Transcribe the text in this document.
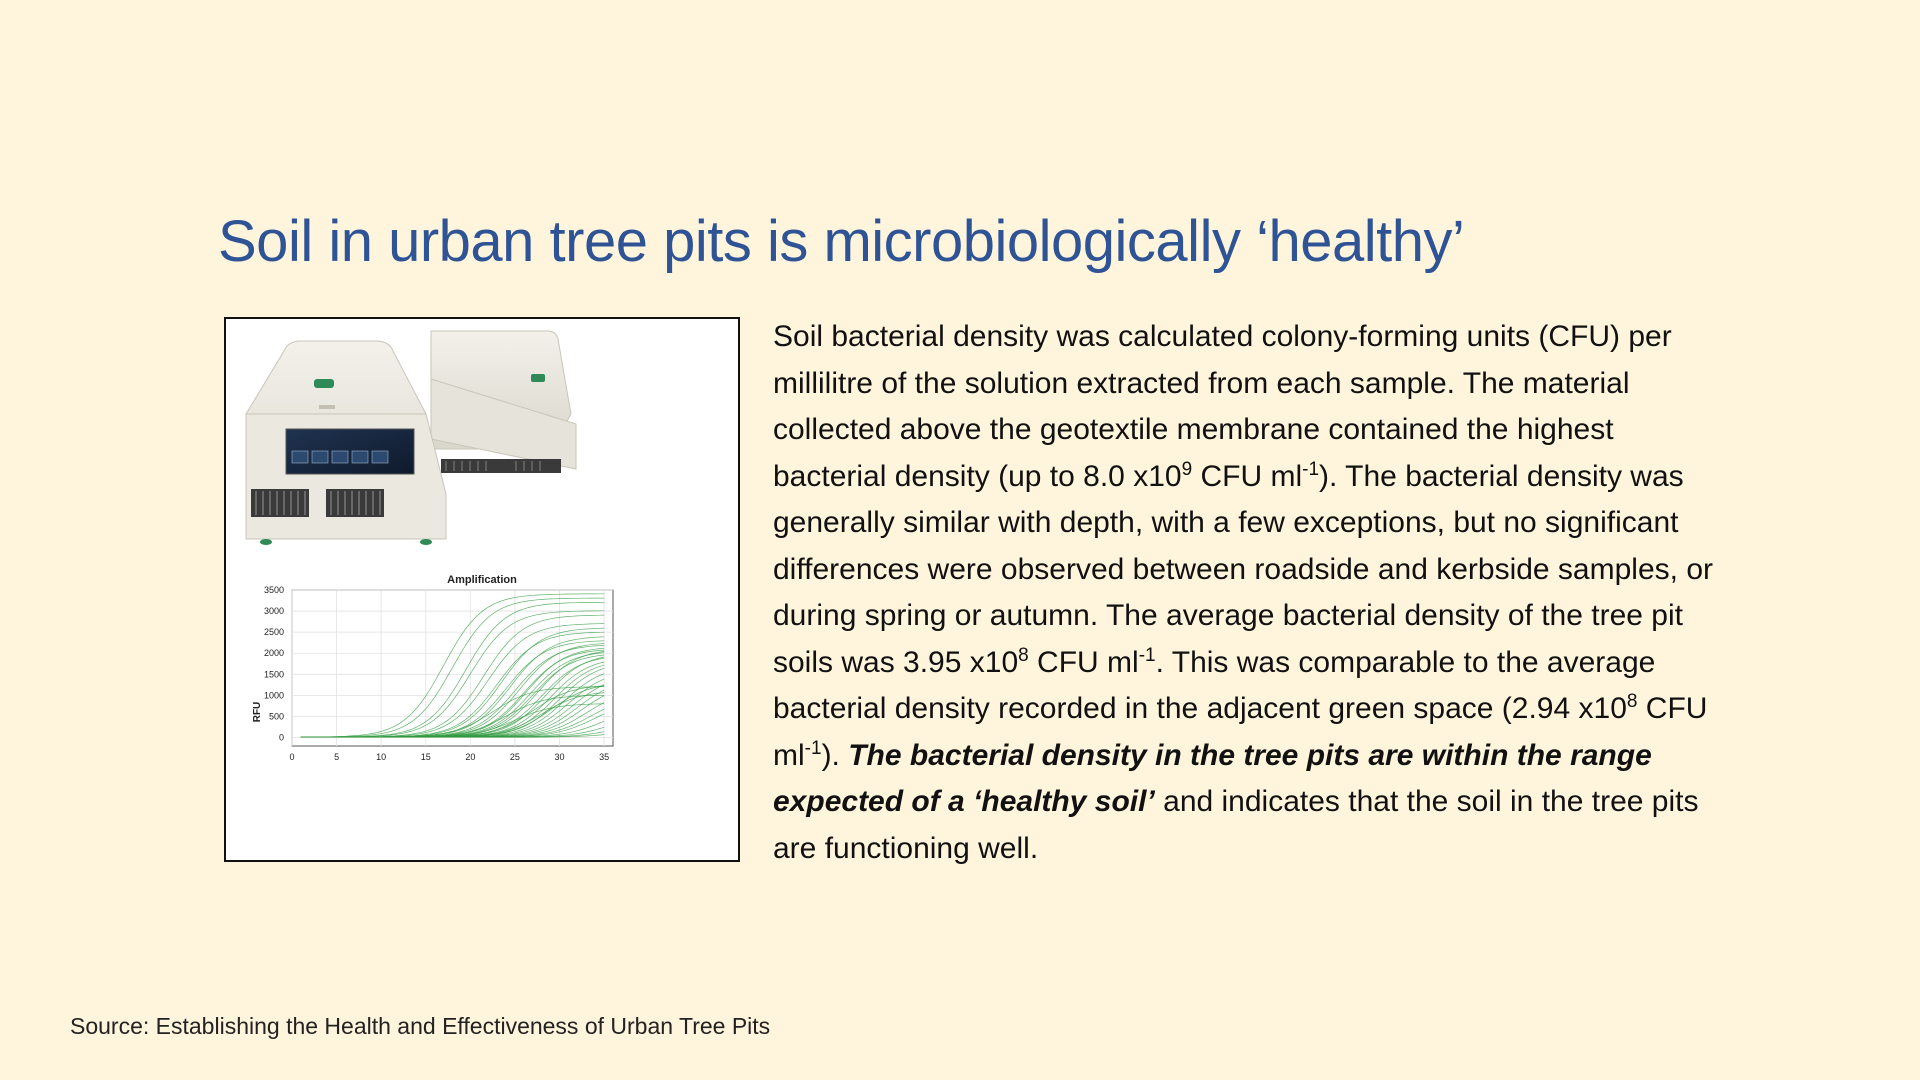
Soil in urban tree pits is microbiologically ‘healthy’
Amplification
RFU
0	5	10	15	20	25	30	35
0
500
1000
1500
2000
2500
3000
3500

Soil bacterial density was calculated colony-forming units (CFU) per millilitre of the solution extracted from each sample. The material collected above the geotextile membrane contained the highest bacterial density (up to 8.0 $x10^9$ CFU $ml^{-1}$). The bacterial density was generally similar with depth, with a few exceptions, but no significant differences were observed between roadside and kerbside samples, or during spring or autumn. The average bacterial density of the tree pit soils was 3.95 $x10^8$ CFU $ml^{-1}$. This was comparable to the average bacterial density recorded in the adjacent green space (2.94 $x10^8$ CFU $ml^{-1}$). The bacterial density in the tree pits are within the range expected of a ‘healthy soil’ and indicates that the soil in the tree pits are functioning well.

Source: Establishing the Health and Effectiveness of Urban Tree Pits
